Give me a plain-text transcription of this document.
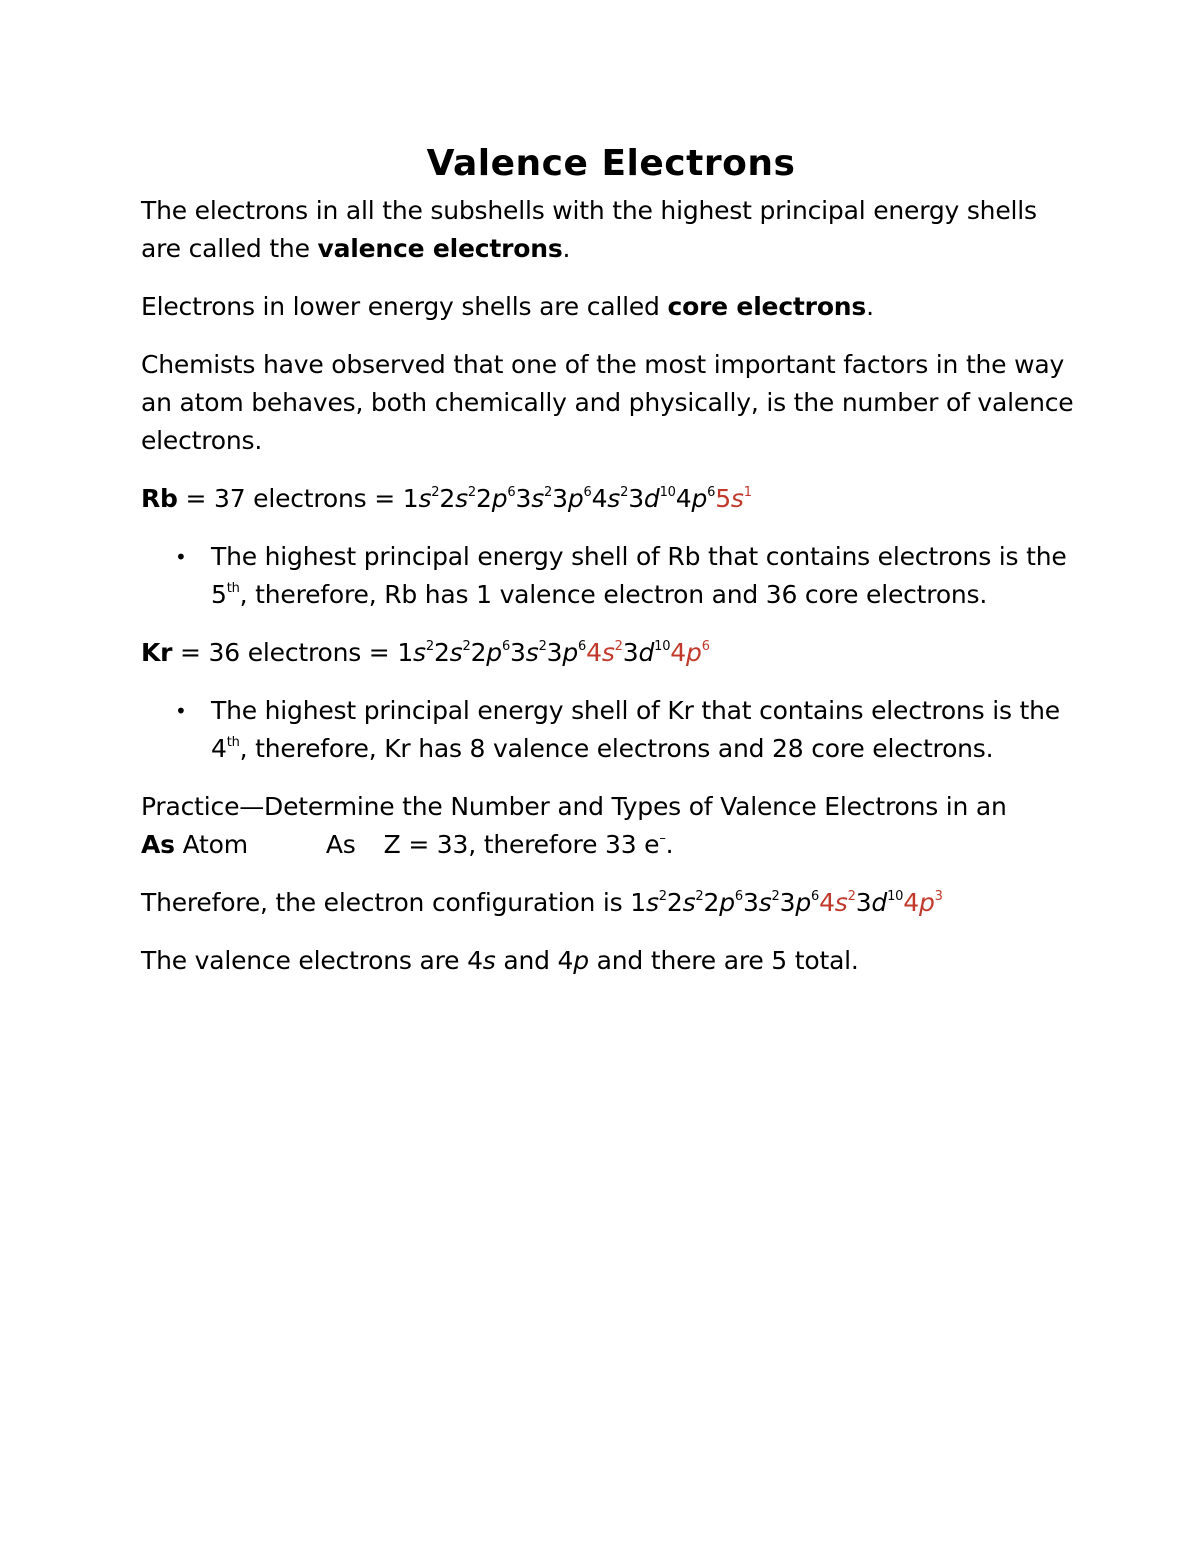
Valence Electrons

The electrons in all the subshells with the highest principal energy shells are called the valence electrons.

Electrons in lower energy shells are called core electrons.

Chemists have observed that one of the most important factors in the way an atom behaves, both chemically and physically, is the number of valence electrons.

Rb = 37 electrons = $1s^22s^22p^63s^23p^64s^23d^{10}4p^65s^1$

• The highest principal energy shell of Rb that contains electrons is the 5th, therefore, Rb has 1 valence electron and 36 core electrons.

Kr = 36 electrons = $1s^22s^22p^63s^23p^64s^23d^{10}4p^6$

• The highest principal energy shell of Kr that contains electrons is the 4th, therefore, Kr has 8 valence electrons and 28 core electrons.

Practice—Determine the Number and Types of Valence Electrons in an
As Atom	As Z = 33, therefore 33 e–.

Therefore, the electron configuration is $1s^22s^22p^63s^23p^64s^23d^{10}4p^3$

The valence electrons are 4s and 4p and there are 5 total.
